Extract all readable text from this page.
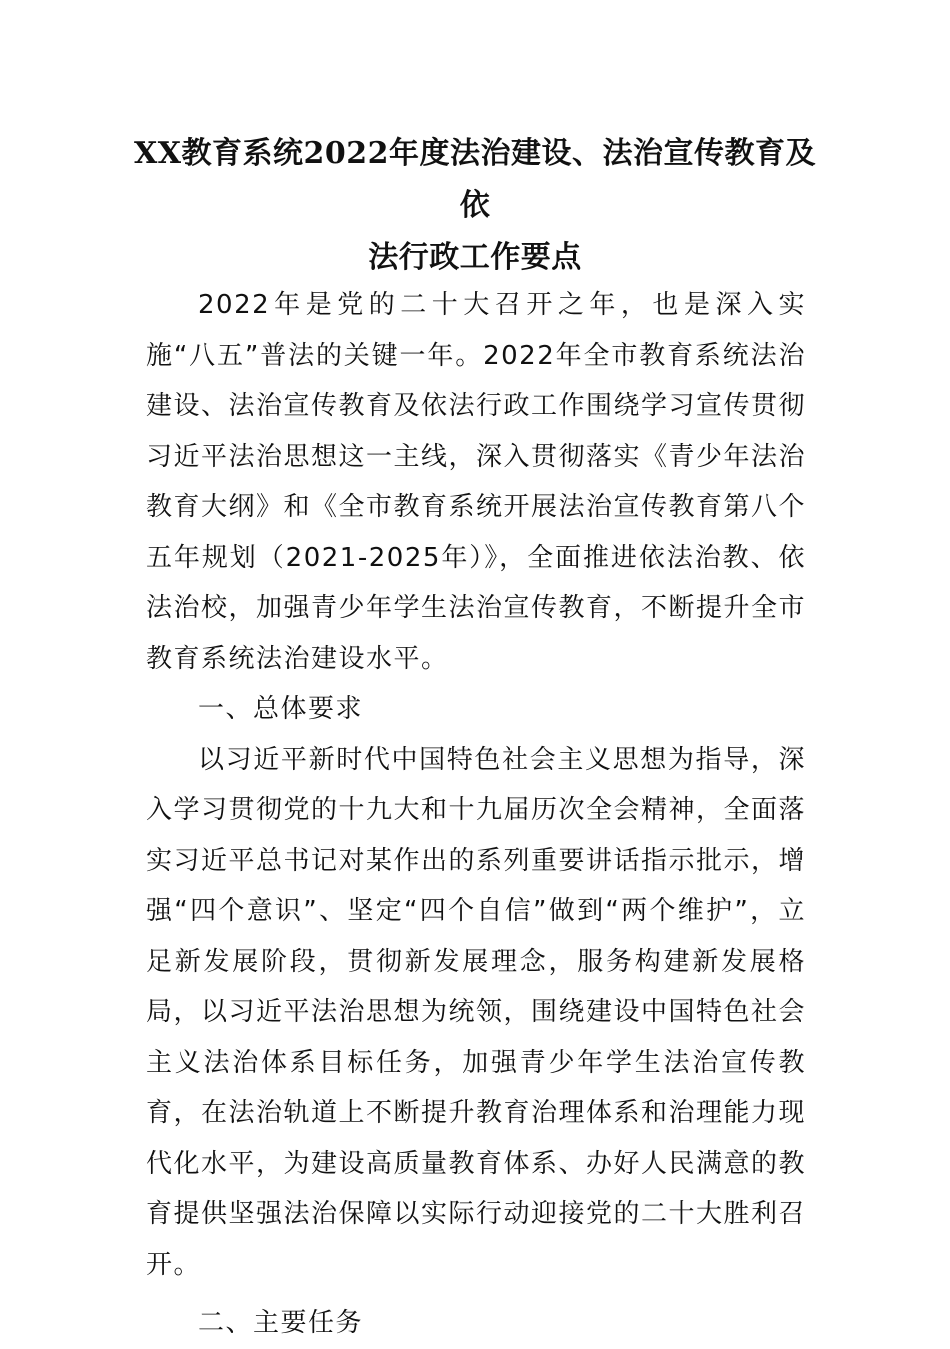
XX教育系统2022年度法治建设、法治宣传教育及依
法行政工作要点

2022年是党的二十大召开之年，也是深入实施“八五”普法的关键一年。2022年全市教育系统法治建设、法治宣传教育及依法行政工作围绕学习宣传贯彻习近平法治思想这一主线，深入贯彻落实《青少年法治教育大纲》和《全市教育系统开展法治宣传教育第八个五年规划（2021-2025年）》，全面推进依法治教、依法治校，加强青少年学生法治宣传教育，不断提升全市教育系统法治建设水平。

一、总体要求

以习近平新时代中国特色社会主义思想为指导，深入学习贯彻党的十九大和十九届历次全会精神，全面落实习近平总书记对某作出的系列重要讲话指示批示，增强“四个意识”、坚定“四个自信”做到“两个维护”，立足新发展阶段，贯彻新发展理念，服务构建新发展格局，以习近平法治思想为统领，围绕建设中国特色社会主义法治体系目标任务，加强青少年学生法治宣传教育，在法治轨道上不断提升教育治理体系和治理能力现代化水平，为建设高质量教育体系、办好人民满意的教育提供坚强法治保障以实际行动迎接党的二十大胜利召开。

二、主要任务
